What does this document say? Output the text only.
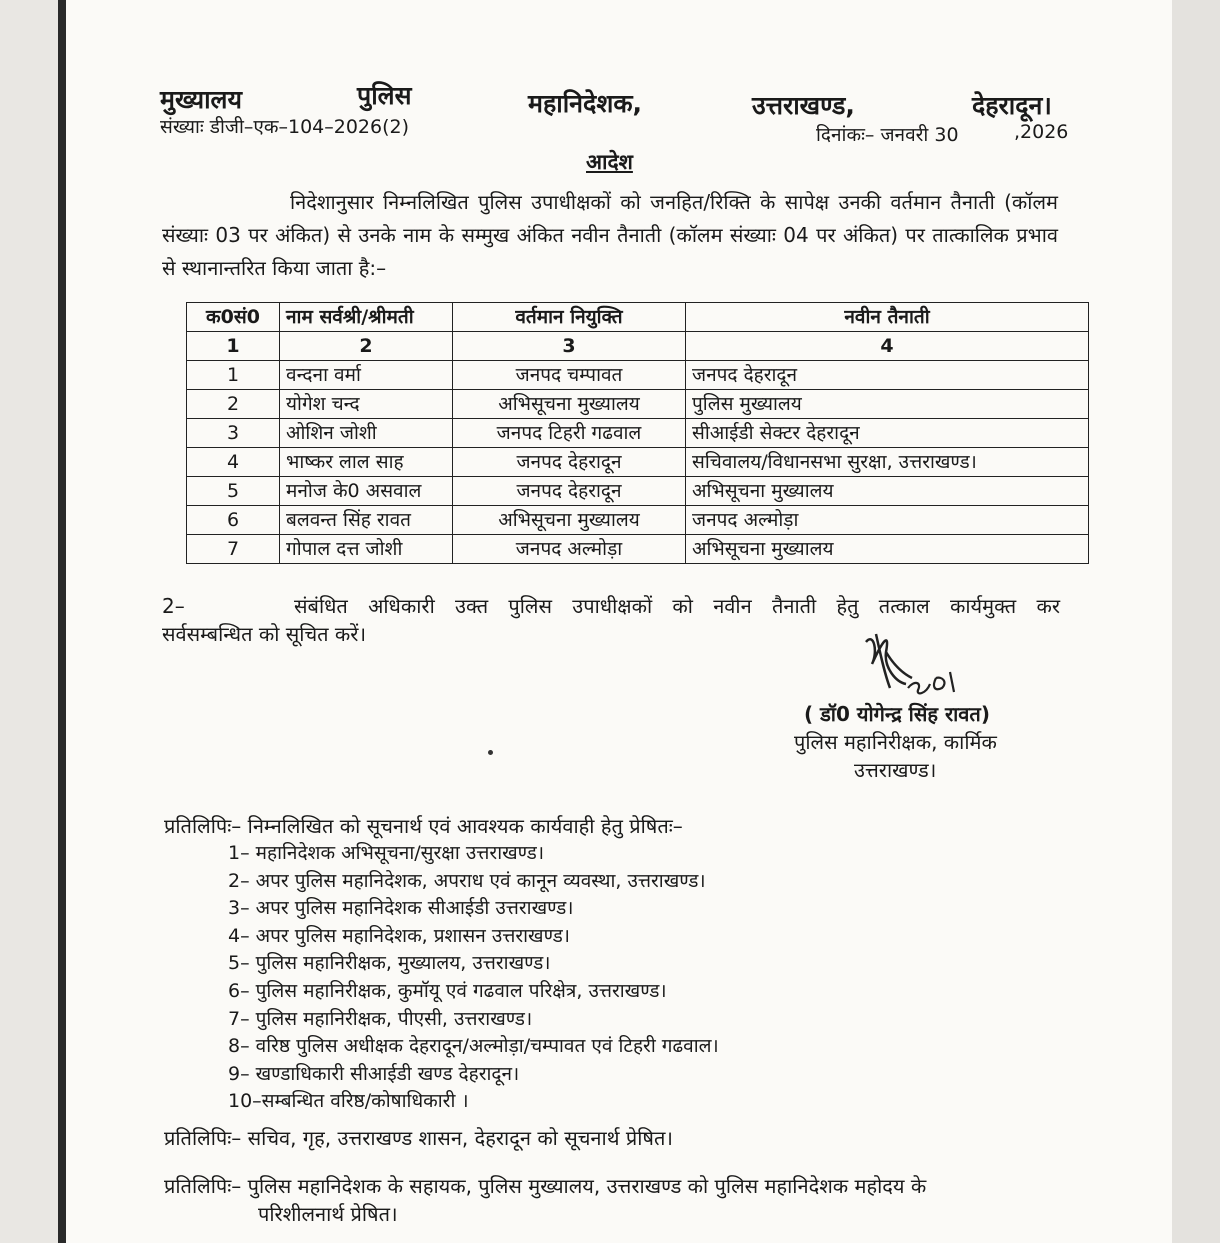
मुख्यालय	पुलिस	महानिदेशक,	उत्तराखण्ड,	देहरादून।
संख्याः डीजी–एक–104–2026(2)	दिनांकः– जनवरी 30	,2026
आदेश
निदेशानुसार निम्नलिखित पुलिस उपाधीक्षकों को जनहित/रिक्ति के सापेक्ष उनकी वर्तमान तैनाती (कॉलम संख्याः 03 पर अंकित) से उनके नाम के सम्मुख अंकित नवीन तैनाती (कॉलम संख्याः 04 पर अंकित) पर तात्कालिक प्रभाव से स्थानान्तरित किया जाता है:–
क0सं0	नाम सर्वश्री/श्रीमती	वर्तमान नियुक्ति	नवीन तैनाती
1	2	3	4
1	वन्दना वर्मा	जनपद चम्पावत	जनपद देहरादून
2	योगेश चन्द	अभिसूचना मुख्यालय	पुलिस मुख्यालय
3	ओशिन जोशी	जनपद टिहरी गढवाल	सीआईडी सेक्टर देहरादून
4	भाष्कर लाल साह	जनपद देहरादून	सचिवालय/विधानसभा सुरक्षा, उत्तराखण्ड।
5	मनोज के0 असवाल	जनपद देहरादून	अभिसूचना मुख्यालय
6	बलवन्त सिंह रावत	अभिसूचना मुख्यालय	जनपद अल्मोड़ा
7	गोपाल दत्त जोशी	जनपद अल्मोड़ा	अभिसूचना मुख्यालय
2–	संबंधित अधिकारी उक्त पुलिस उपाधीक्षकों को नवीन तैनाती हेतु तत्काल कार्यमुक्त कर
सर्वसम्बन्धित को सूचित करें।
( डॉ0 योगेन्द्र सिंह रावत)
पुलिस महानिरीक्षक, कार्मिक
उत्तराखण्ड।
प्रतिलिपिः– निम्नलिखित को सूचनार्थ एवं आवश्यक कार्यवाही हेतु प्रेषितः–
1– महानिदेशक अभिसूचना/सुरक्षा उत्तराखण्ड।
2– अपर पुलिस महानिदेशक, अपराध एवं कानून व्यवस्था, उत्तराखण्ड।
3– अपर पुलिस महानिदेशक सीआईडी उत्तराखण्ड।
4– अपर पुलिस महानिदेशक, प्रशासन उत्तराखण्ड।
5– पुलिस महानिरीक्षक, मुख्यालय, उत्तराखण्ड।
6– पुलिस महानिरीक्षक, कुमॉयू एवं गढवाल परिक्षेत्र, उत्तराखण्ड।
7– पुलिस महानिरीक्षक, पीएसी, उत्तराखण्ड।
8– वरिष्ठ पुलिस अधीक्षक देहरादून/अल्मोड़ा/चम्पावत एवं टिहरी गढवाल।
9– खण्डाधिकारी सीआईडी खण्ड देहरादून।
10–सम्बन्धित वरिष्ठ/कोषाधिकारी ।
प्रतिलिपिः– सचिव, गृह, उत्तराखण्ड शासन, देहरादून को सूचनार्थ प्रेषित।
प्रतिलिपिः– पुलिस महानिदेशक के सहायक, पुलिस मुख्यालय, उत्तराखण्ड को पुलिस महानिदेशक महोदय के
परिशीलनार्थ प्रेषित।
